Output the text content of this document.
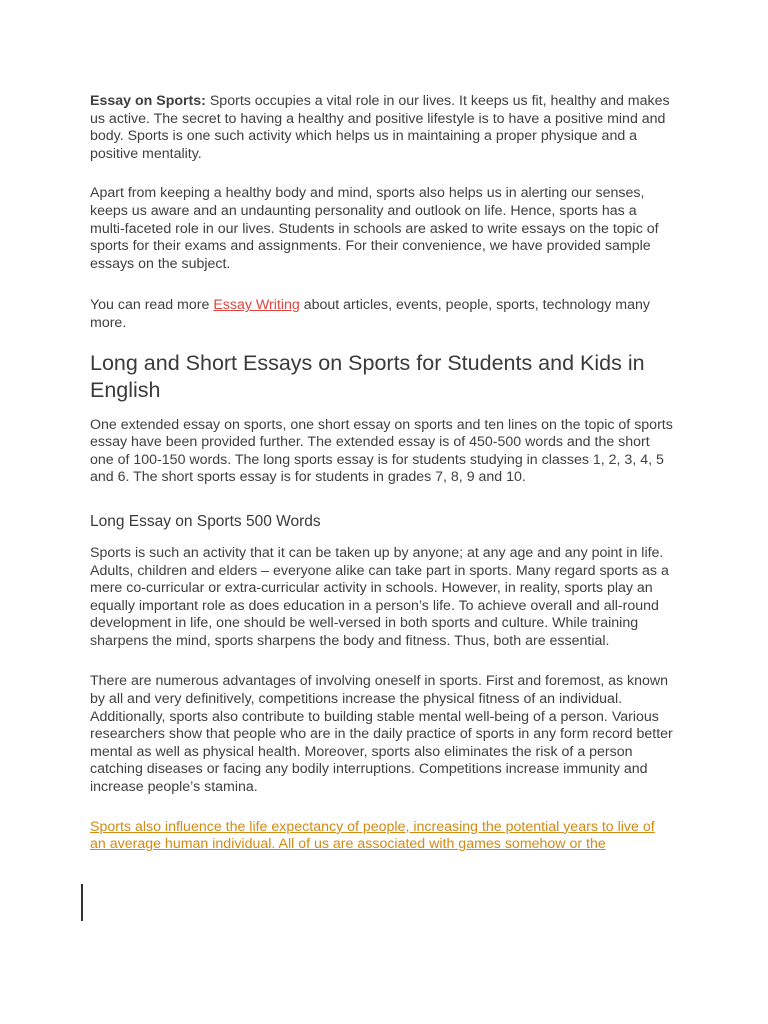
Essay on Sports: Sports occupies a vital role in our lives. It keeps us fit, healthy and makes us active. The secret to having a healthy and positive lifestyle is to have a positive mind and body. Sports is one such activity which helps us in maintaining a proper physique and a positive mentality.

Apart from keeping a healthy body and mind, sports also helps us in alerting our senses, keeps us aware and an undaunting personality and outlook on life. Hence, sports has a multi-faceted role in our lives. Students in schools are asked to write essays on the topic of sports for their exams and assignments. For their convenience, we have provided sample essays on the subject.

You can read more Essay Writing about articles, events, people, sports, technology many more.

Long and Short Essays on Sports for Students and Kids in English

One extended essay on sports, one short essay on sports and ten lines on the topic of sports essay have been provided further. The extended essay is of 450-500 words and the short one of 100-150 words. The long sports essay is for students studying in classes 1, 2, 3, 4, 5 and 6. The short sports essay is for students in grades 7, 8, 9 and 10.

Long Essay on Sports 500 Words

Sports is such an activity that it can be taken up by anyone; at any age and any point in life. Adults, children and elders – everyone alike can take part in sports. Many regard sports as a mere co-curricular or extra-curricular activity in schools. However, in reality, sports play an equally important role as does education in a person’s life. To achieve overall and all-round development in life, one should be well-versed in both sports and culture. While training sharpens the mind, sports sharpens the body and fitness. Thus, both are essential.

There are numerous advantages of involving oneself in sports. First and foremost, as known by all and very definitively, competitions increase the physical fitness of an individual. Additionally, sports also contribute to building stable mental well-being of a person. Various researchers show that people who are in the daily practice of sports in any form record better mental as well as physical health. Moreover, sports also eliminates the risk of a person catching diseases or facing any bodily interruptions. Competitions increase immunity and increase people’s stamina.

Sports also influence the life expectancy of people, increasing the potential years to live of an average human individual. All of us are associated with games somehow or the
